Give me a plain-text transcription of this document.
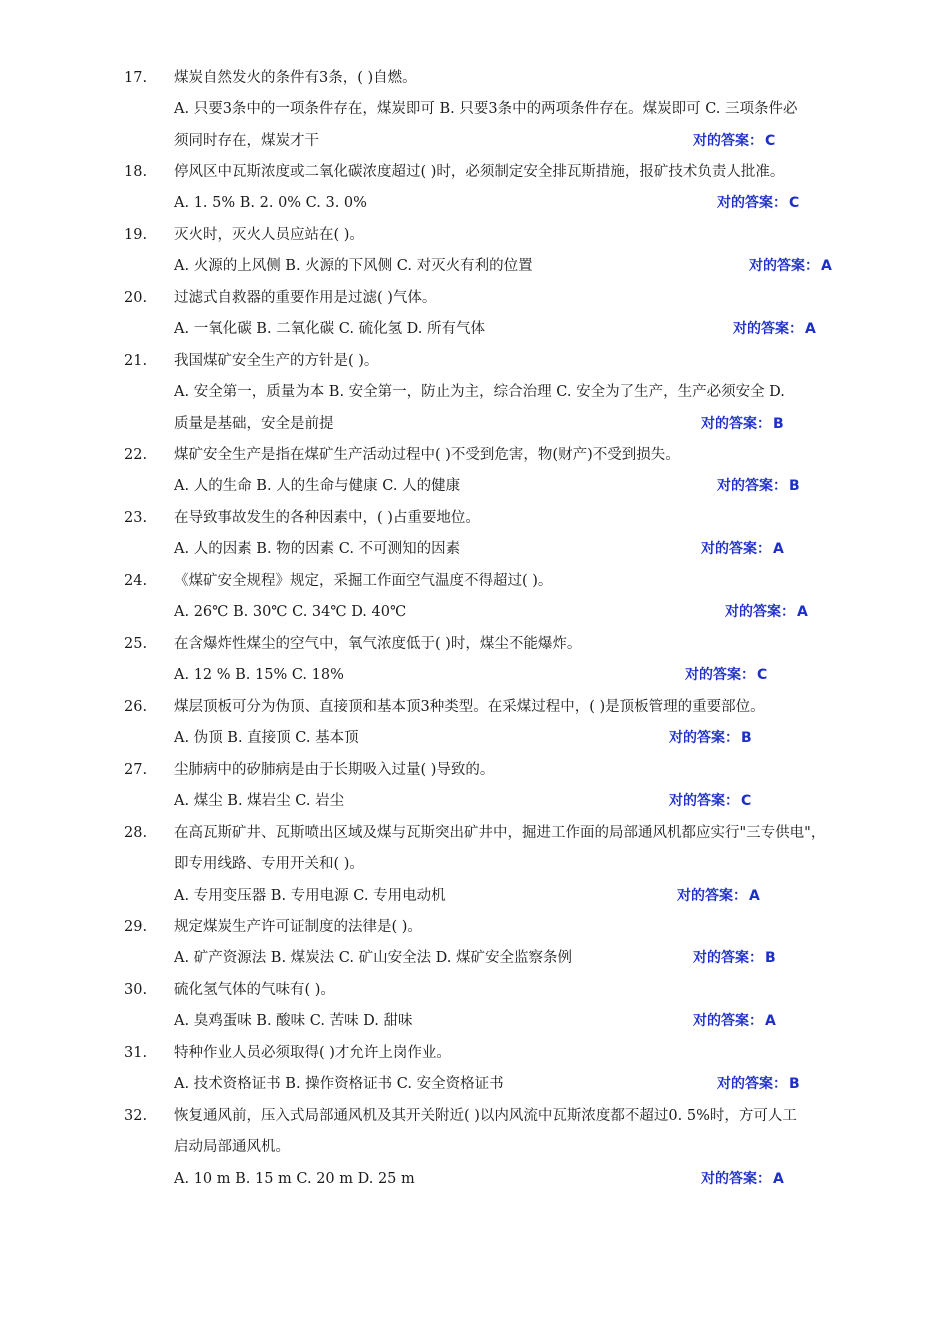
17.	煤炭自然发火的条件有3条，( )自燃。
A. 只要3条中的一项条件存在，煤炭即可 B. 只要3条中的两项条件存在。煤炭即可 C. 三项条件必
须同时存在，煤炭才干	对的答案： C
18.	停风区中瓦斯浓度或二氧化碳浓度超过( )时，必须制定安全排瓦斯措施，报矿技术负责人批准。
A. 1. 5% B. 2. 0% C. 3. 0%	对的答案： C
19.	灭火时，灭火人员应站在( )。
A. 火源的上风侧 B. 火源的下风侧 C. 对灭火有利的位置	对的答案： A
20.	过滤式自救器的重要作用是过滤( )气体。
A. 一氧化碳 B. 二氧化碳 C. 硫化氢 D. 所有气体	对的答案： A
21.	我国煤矿安全生产的方针是( )。
A. 安全第一，质量为本 B. 安全第一，防止为主，综合治理 C. 安全为了生产，生产必须安全 D.
质量是基础，安全是前提	对的答案： B
22.	煤矿安全生产是指在煤矿生产活动过程中( )不受到危害，物(财产)不受到损失。
A. 人的生命 B. 人的生命与健康 C. 人的健康	对的答案： B
23.	在导致事故发生的各种因素中，( )占重要地位。
A. 人的因素 B. 物的因素 C. 不可测知的因素	对的答案： A
24.	《煤矿安全规程》规定，采掘工作面空气温度不得超过( )。
A. 26℃ B. 30℃ C. 34℃ D. 40℃	对的答案： A
25.	在含爆炸性煤尘的空气中，氧气浓度低于( )时，煤尘不能爆炸。
A. 12 % B. 15% C. 18%	对的答案： C
26.	煤层顶板可分为伪顶、直接顶和基本顶3种类型。在采煤过程中，( )是顶板管理的重要部位。
A. 伪顶 B. 直接顶 C. 基本顶	对的答案： B
27.	尘肺病中的矽肺病是由于长期吸入过量( )导致的。
A. 煤尘 B. 煤岩尘 C. 岩尘	对的答案： C
28.	在高瓦斯矿井、瓦斯喷出区域及煤与瓦斯突出矿井中，掘进工作面的局部通风机都应实行"三专供电"，
即专用线路、专用开关和( )。
A. 专用变压器 B. 专用电源 C. 专用电动机	对的答案： A
29.	规定煤炭生产许可证制度的法律是( )。
A. 矿产资源法 B. 煤炭法 C. 矿山安全法 D. 煤矿安全监察条例	对的答案： B
30.	硫化氢气体的气味有( )。
A. 臭鸡蛋味 B. 酸味 C. 苦味 D. 甜味	对的答案： A
31.	特种作业人员必须取得( )才允许上岗作业。
A. 技术资格证书 B. 操作资格证书 C. 安全资格证书	对的答案： B
32.	恢复通风前，压入式局部通风机及其开关附近( )以内风流中瓦斯浓度都不超过0. 5%时，方可人工
启动局部通风机。
A. 10 m B. 15 m C. 20 m D. 25 m	对的答案： A
